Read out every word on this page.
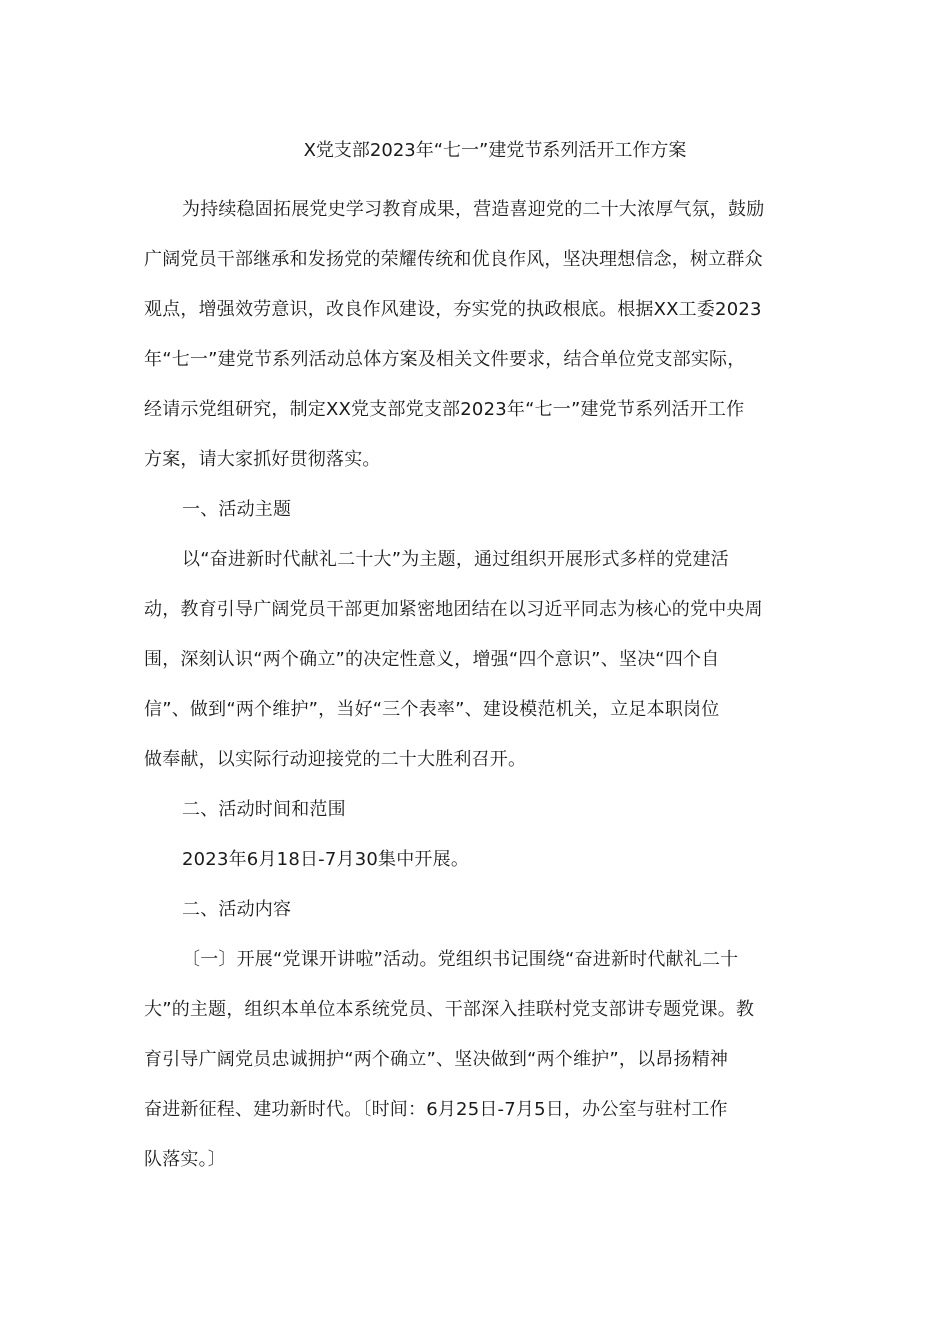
X党支部2023年“七一”建党节系列活开工作方案

为持续稳固拓展党史学习教育成果，营造喜迎党的二十大浓厚气氛，鼓励
广阔党员干部继承和发扬党的荣耀传统和优良作风，坚决理想信念，树立群众
观点，增强效劳意识，改良作风建设，夯实党的执政根底。根据XX工委2023
年“七一”建党节系列活动总体方案及相关文件要求，结合单位党支部实际，
经请示党组研究，制定XX党支部党支部2023年“七一”建党节系列活开工作
方案，请大家抓好贯彻落实。

一、活动主题

以“奋进新时代献礼二十大”为主题，通过组织开展形式多样的党建活
动，教育引导广阔党员干部更加紧密地团结在以习近平同志为核心的党中央周
围，深刻认识“两个确立”的决定性意义，增强“四个意识”、坚决“四个自
信”、做到“两个维护”，当好“三个表率”、建设模范机关，立足本职岗位
做奉献，以实际行动迎接党的二十大胜利召开。

二、活动时间和范围

2023年6月18日-7月30集中开展。

二、活动内容

〔一〕开展“党课开讲啦”活动。党组织书记围绕“奋进新时代献礼二十
大”的主题，组织本单位本系统党员、干部深入挂联村党支部讲专题党课。教
育引导广阔党员忠诚拥护“两个确立”、坚决做到“两个维护”，以昂扬精神
奋进新征程、建功新时代。〔时间：6月25日-7月5日，办公室与驻村工作
队落实。〕
